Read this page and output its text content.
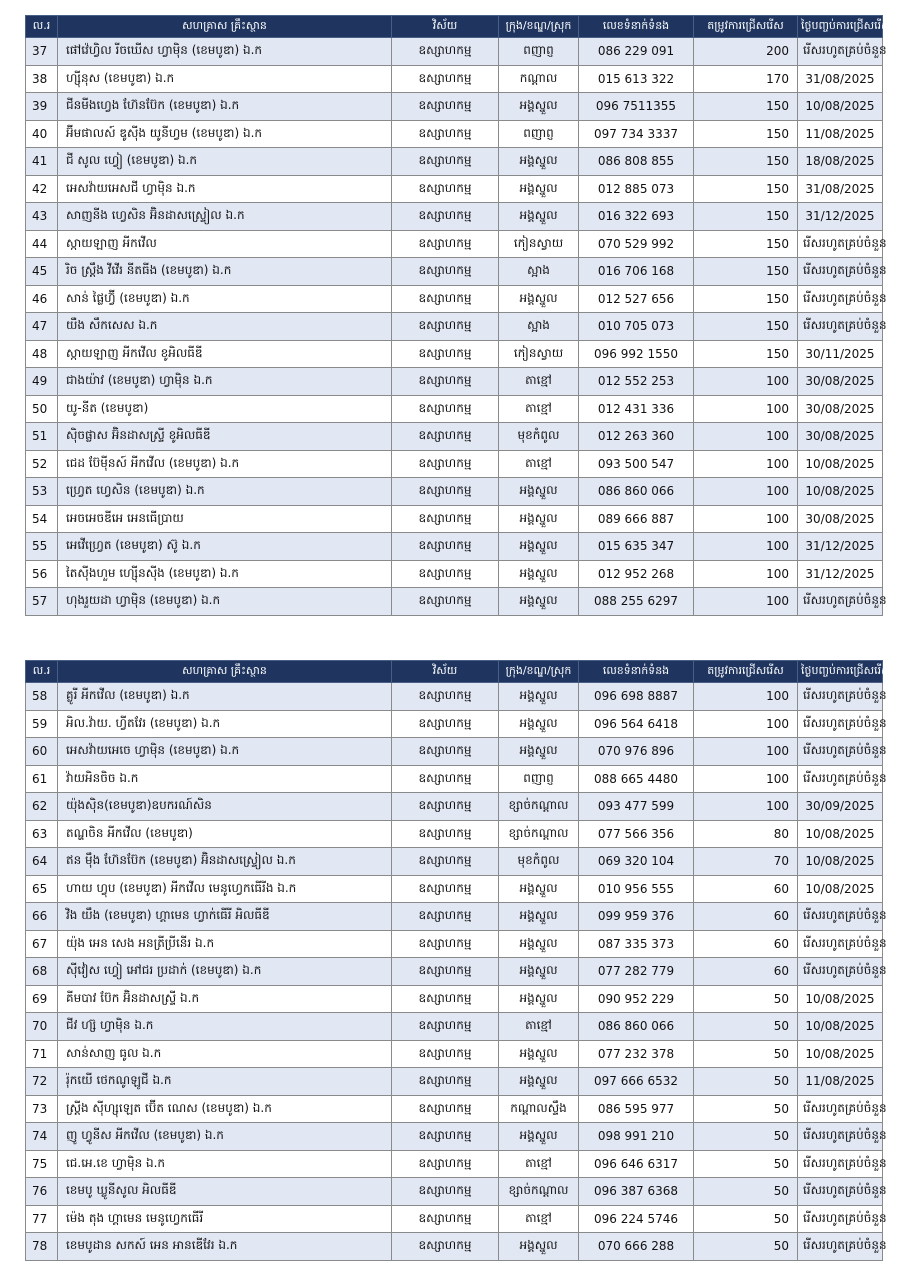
ល.រ	សហគ្រាស គ្រឹះស្ថាន	វិស័យ	ក្រុង/ខណ្ឌ/ស្រុក	លេខទំនាក់ទំនង	តម្រូវការជ្រើសរើស	ថ្ងៃបញ្ចប់ការជ្រើសរើស
37	ផៅវ៉េហ្វិល រីចឃើស ហ្វាម៉ិន (ខេមបូឌា) ឯ.ក	ឧស្សាហកម្ម	ពញាព្ញ	086 229 091	200	រើសរហូតគ្រប់ចំនួន
38	ហ្ស៊ីនុស (ខេមបូឌា) ឯ.ក	ឧស្សាហកម្ម	កណ្ដាល	015 613 322	170	31/08/2025
39	ជីនមីងហ្វេង ហ៊ែនប៊ែក (ខេមបូឌា) ឯ.ក	ឧស្សាហកម្ម	អង្គស្នួល	096 7511355	150	10/08/2025
40	អ៊ីមផាលស៍ ឌូស៊ីង យូនីហ្វម (ខេមបូឌា) ឯ.ក	ឧស្សាហកម្ម	ពញាព្ញ	097 734 3337	150	11/08/2025
41	ជី សូល ហ្វៀ (ខេមបូឌា) ឯ.ក	ឧស្សាហកម្ម	អង្គស្នួល	086 808 855	150	18/08/2025
42	អេសវ៉ាយអេសជី ហ្វាម៉ិន ឯ.ក	ឧស្សាហកម្ម	អង្គស្នួល	012 885 073	150	31/08/2025
43	សាញនីង ហ្វេសិន អ៊ិនដាសស្ទ្រៀល ឯ.ក	ឧស្សាហកម្ម	អង្គស្នួល	016 322 693	150	31/12/2025
44	ស្កាយឡាញ អីកវើល	ឧស្សាហកម្ម	កៀនស្វាយ	070 529 992	150	រើសរហូតគ្រប់ចំនួន
45	រិច ស្ត្រឹង វីវើរ នីតធីង (ខេមបូឌា) ឯ.ក	ឧស្សាហកម្ម	ស្អាង	016 706 168	150	រើសរហូតគ្រប់ចំនួន
46	សាន់ ផ្លៃហ្វ៊ី (ខេមបូឌា) ឯ.ក	ឧស្សាហកម្ម	អង្គស្នួល	012 527 656	150	រើសរហូតគ្រប់ចំនួន
47	យឺង សឹកសេស ឯ.ក	ឧស្សាហកម្ម	ស្អាង	010 705 073	150	រើសរហូតគ្រប់ចំនួន
48	ស្កាយឡាញ អីកវើល ខូអិលធីឌី	ឧស្សាហកម្ម	កៀនស្វាយ	096 992 1550	150	30/11/2025
49	ជាងយ៉ាវ (ខេមបូឌា) ហ្វាម៉ិន ឯ.ក	ឧស្សាហកម្ម	តាខ្មៅ	012 552 253	100	30/08/2025
50	យូ-នីត (ខេមបូឌា)	ឧស្សាហកម្ម	តាខ្មៅ	012 431 336	100	30/08/2025
51	ស៊ិចផ្លាស អ៊ិនដាសស្ទ្រី ខូអិលធីឌី	ឧស្សាហកម្ម	មុខកំពូល	012 263 360	100	30/08/2025
52	ជេដ ប៊ែម៉ីនស៍ អីកវើល (ខេមបូឌា) ឯ.ក	ឧស្សាហកម្ម	តាខ្មៅ	093 500 547	100	10/08/2025
53	ហ្វ្រេត ហ្វេសិន (ខេមបូឌា) ឯ.ក	ឧស្សាហកម្ម	អង្គស្នួល	086 860 066	100	10/08/2025
54	អេចអេចឌីអេ អេនធើប្រាយ	ឧស្សាហកម្ម	អង្គស្នួល	089 666 887	100	30/08/2025
55	អេវើហ្វ្រេត (ខេមបូឌា) ស៊ូ ឯ.ក	ឧស្សាហកម្ម	អង្គស្នួល	015 635 347	100	31/12/2025
56	តៃស៊ីងហួម ហ្ស៊ើនស៊ីង (ខេមបូឌា) ឯ.ក	ឧស្សាហកម្ម	អង្គស្នួល	012 952 268	100	31/12/2025
57	ហុងរួយដា ហ្វាម៉ិន (ខេមបូឌា) ឯ.ក	ឧស្សាហកម្ម	អង្គស្នួល	088 255 6297	100	រើសរហូតគ្រប់ចំនួន
ល.រ	សហគ្រាស គ្រឹះស្ថាន	វិស័យ	ក្រុង/ខណ្ឌ/ស្រុក	លេខទំនាក់ទំនង	តម្រូវការជ្រើសរើស	ថ្ងៃបញ្ចប់ការជ្រើសរើស
58	គ្លូរី អីកវើល (ខេមបូឌា) ឯ.ក	ឧស្សាហកម្ម	អង្គស្នួល	096 698 8887	100	រើសរហូតគ្រប់ចំនួន
59	អិល.វ៉ាយ. ហ្វីតវែរ (ខេមបូឌា) ឯ.ក	ឧស្សាហកម្ម	អង្គស្នួល	096 564 6418	100	រើសរហូតគ្រប់ចំនួន
60	អេសវ៉ាយអេចេ ហ្វាម៉ិន (ខេមបូឌា) ឯ.ក	ឧស្សាហកម្ម	អង្គស្នួល	070 976 896	100	រើសរហូតគ្រប់ចំនួន
61	វ៉ាយអិនចិច ឯ.ក	ឧស្សាហកម្ម	ពញាព្ញ	088 665 4480	100	រើសរហូតគ្រប់ចំនួន
62	យ៉ុងស៊ិន(ខេមបូឌា)ឧបករណ៍សិន	ឧស្សាហកម្ម	ខ្សាច់កណ្ដាល	093 477 599	100	30/09/2025
63	តណ្ហចិន អីកវើល (ខេមបូឌា)	ឧស្សាហកម្ម	ខ្សាច់កណ្ដាល	077 566 356	80	10/08/2025
64	ឥន ម៉ឹង ហ៊ែនប៊ែក (ខេមបូឌា) អ៊ិនដាសស្ទ្រៀល ឯ.ក	ឧស្សាហកម្ម	មុខកំពូល	069 320 104	70	10/08/2025
65	ហាយ ហ្វុប (ខេមបូឌា) អីកវើល មេនូហ្វេកធើរីង ឯ.ក	ឧស្សាហកម្ម	អង្គស្នួល	010 956 555	60	10/08/2025
66	វិង យឹង (ខេមបូឌា) ហ្គាមេន ហ្វាក់ធើរី អិលធីឌី	ឧស្សាហកម្ម	អង្គស្នួល	099 959 376	60	រើសរហូតគ្រប់ចំនួន
67	យ៉ុង អេន សេង អនត្រីប្រីនើរ ឯ.ក	ឧស្សាហកម្ម	អង្គស្នួល	087 335 373	60	រើសរហូតគ្រប់ចំនួន
68	ស៊ីវៀស ហ្វៀ អៅជរ ប្រដាក់ (ខេមបូឌា) ឯ.ក	ឧស្សាហកម្ម	អង្គស្នួល	077 282 779	60	រើសរហូតគ្រប់ចំនួន
69	គីមបាវ ប៊ែក អ៊ិនដាសស្ទ្រី ឯ.ក	ឧស្សាហកម្ម	អង្គស្នួល	090 952 229	50	10/08/2025
70	ជីវ ហ្ស៊ ហ្វាម៉ិន ឯ.ក	ឧស្សាហកម្ម	តាខ្មៅ	086 860 066	50	10/08/2025
71	សាន់សាញ ធូល ឯ.ក	ឧស្សាហកម្ម	អង្គស្នួល	077 232 378	50	10/08/2025
72	រ៉ុកយើ ថេកណូឡូជី ឯ.ក	ឧស្សាហកម្ម	អង្គស្នួល	097 666 6532	50	11/08/2025
73	ស្ត្រីង ស៊ីហ្សុឡេត ប៊ើត ណេស (ខេមបូឌា) ឯ.ក	ឧស្សាហកម្ម	កណ្ដាលស្ទឹង	086 595 977	50	រើសរហូតគ្រប់ចំនួន
74	ញូ ហ្វូនីស អីកវើល (ខេមបូឌា) ឯ.ក	ឧស្សាហកម្ម	អង្គស្នួល	098 991 210	50	រើសរហូតគ្រប់ចំនួន
75	ជេ.អេ.ខេ ហ្វាម៉ិន ឯ.ក	ឧស្សាហកម្ម	តាខ្មៅ	096 646 6317	50	រើសរហូតគ្រប់ចំនួន
76	ខេមបូ ឃ្លូនីសូល អិលធីឌី	ឧស្សាហកម្ម	ខ្សាច់កណ្ដាល	096 387 6368	50	រើសរហូតគ្រប់ចំនួន
77	ម៉េង តុង ហ្គាមេន មេនូហ្វេកធើរី	ឧស្សាហកម្ម	តាខ្មៅ	096 224 5746	50	រើសរហូតគ្រប់ចំនួន
78	ខេមបូដាន សកស៍ អេន អានឌើវែរ ឯ.ក	ឧស្សាហកម្ម	អង្គស្នួល	070 666 288	50	រើសរហូតគ្រប់ចំនួន
